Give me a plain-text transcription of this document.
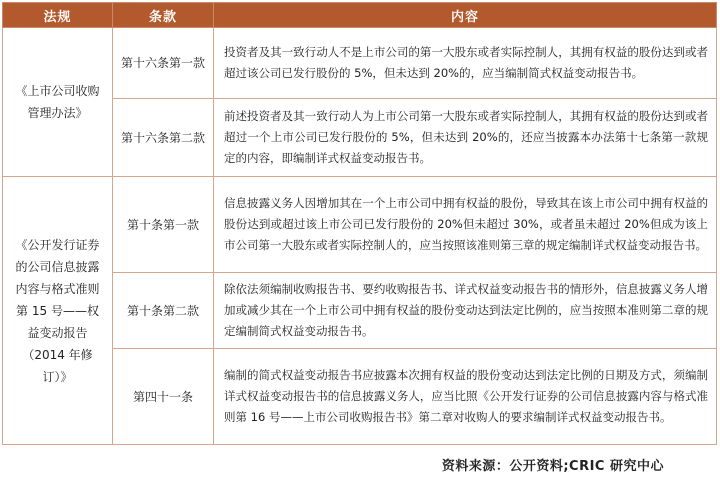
法规	条款	内容
《上市公司收购管理办法》	第十六条第一款	投资者及其一致行动人不是上市公司的第一大股东或者实际控制人，其拥有权益的股份达到或者超过该公司已发行股份的 5%，但未达到 20%的，应当编制简式权益变动报告书。

	第十六条第二款	前述投资者及其一致行动人为上市公司第一大股东或者实际控制人，其拥有权益的股份达到或者超过一个上市公司已发行股份的 5%，但未达到 20%的，还应当披露本办法第十七条第一款规定的内容，即编制详式权益变动报告书。

《公开发行证券的公司信息披露内容与格式准则第 15 号——权益变动报告（2014 年修订）》	第十条第一款	信息披露义务人因增加其在一个上市公司中拥有权益的股份，导致其在该上市公司中拥有权益的股份达到或超过该上市公司已发行股份的 20%但未超过 30%，或者虽未超过 20%但成为该上市公司第一大股东或者实际控制人的，应当按照该准则第三章的规定编制详式权益变动报告书。

	第十条第二款	除依法须编制收购报告书、要约收购报告书、详式权益变动报告书的情形外，信息披露义务人增加或减少其在一个上市公司中拥有权益的股份变动达到法定比例的，应当按照本准则第二章的规定编制简式权益变动报告书。

	第四十一条	编制的简式权益变动报告书应披露本次拥有权益的股份变动达到法定比例的日期及方式，须编制详式权益变动报告书的信息披露义务人，应当比照《公开发行证券的公司信息披露内容与格式准则第 16 号——上市公司收购报告书》第二章对收购人的要求编制详式权益变动报告书。
资料来源：公开资料;CRIC 研究中心
